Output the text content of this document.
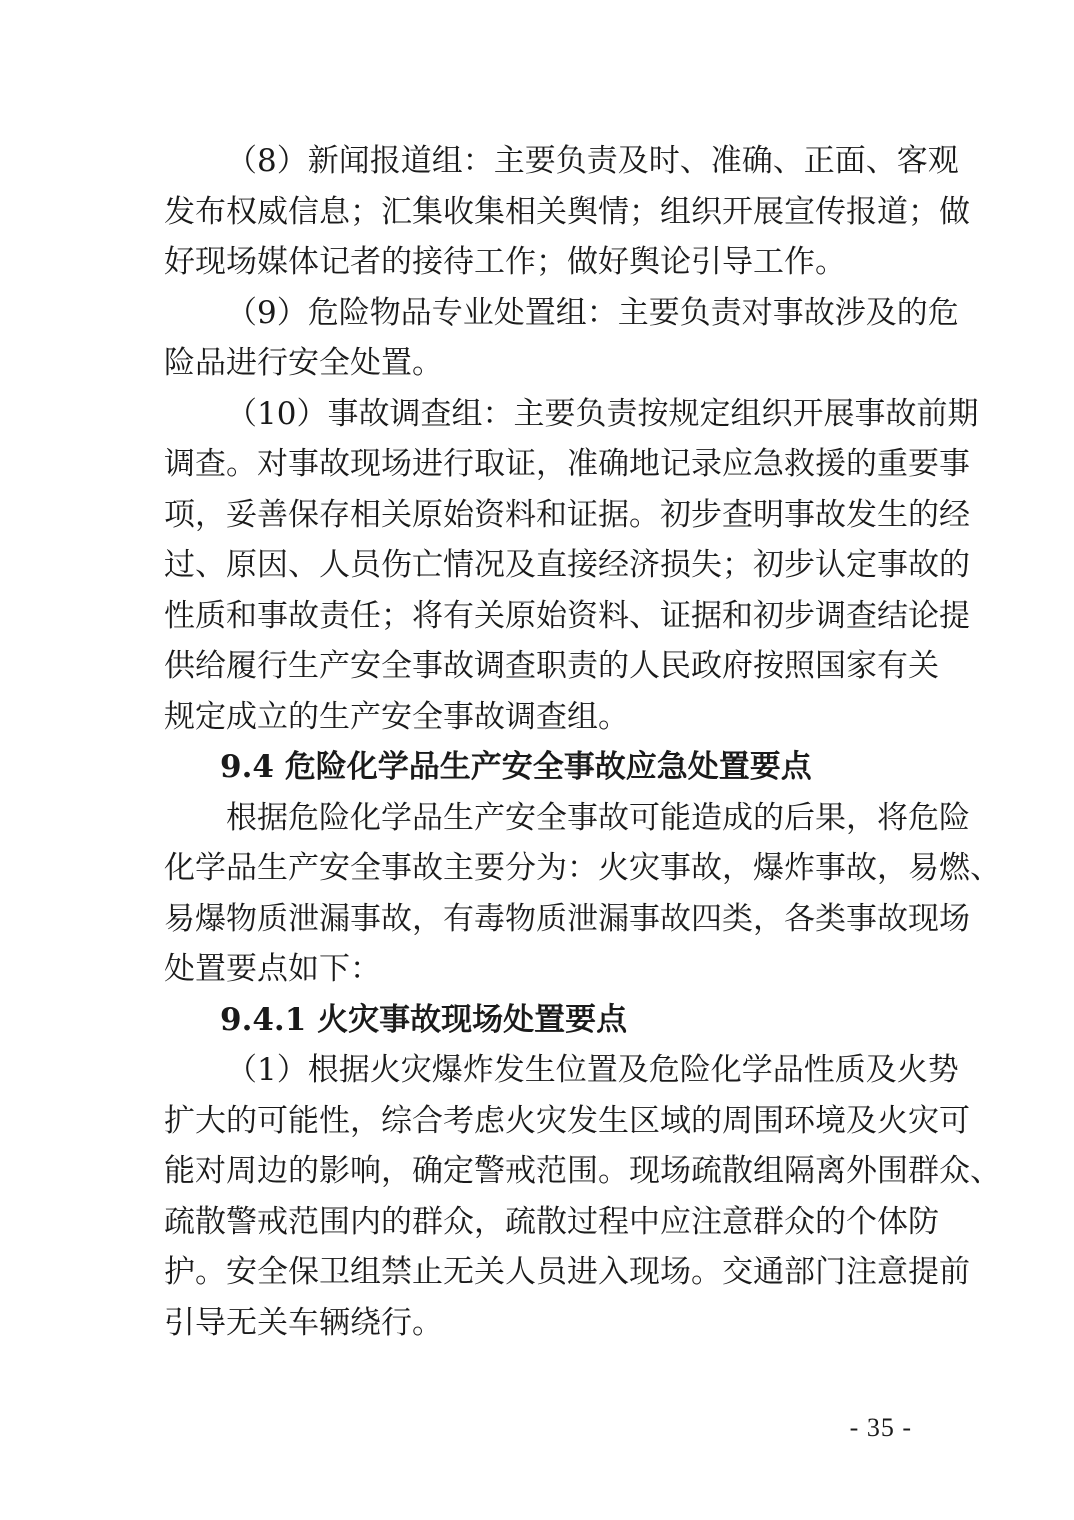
（8）新闻报道组：主要负责及时、准确、正面、客观
发布权威信息；汇集收集相关舆情；组织开展宣传报道；做
好现场媒体记者的接待工作；做好舆论引导工作。
（9）危险物品专业处置组：主要负责对事故涉及的危
险品进行安全处置。
（10）事故调查组：主要负责按规定组织开展事故前期
调查。对事故现场进行取证，准确地记录应急救援的重要事
项，妥善保存相关原始资料和证据。初步查明事故发生的经
过、原因、人员伤亡情况及直接经济损失；初步认定事故的
性质和事故责任；将有关原始资料、证据和初步调查结论提
供给履行生产安全事故调查职责的人民政府按照国家有关
规定成立的生产安全事故调查组。
9.4 危险化学品生产安全事故应急处置要点
根据危险化学品生产安全事故可能造成的后果，将危险
化学品生产安全事故主要分为：火灾事故，爆炸事故，易燃、
易爆物质泄漏事故，有毒物质泄漏事故四类，各类事故现场
处置要点如下：
9.4.1 火灾事故现场处置要点
（1）根据火灾爆炸发生位置及危险化学品性质及火势
扩大的可能性，综合考虑火灾发生区域的周围环境及火灾可
能对周边的影响，确定警戒范围。现场疏散组隔离外围群众、
疏散警戒范围内的群众，疏散过程中应注意群众的个体防
护。安全保卫组禁止无关人员进入现场。交通部门注意提前
引导无关车辆绕行。
- 35 -
